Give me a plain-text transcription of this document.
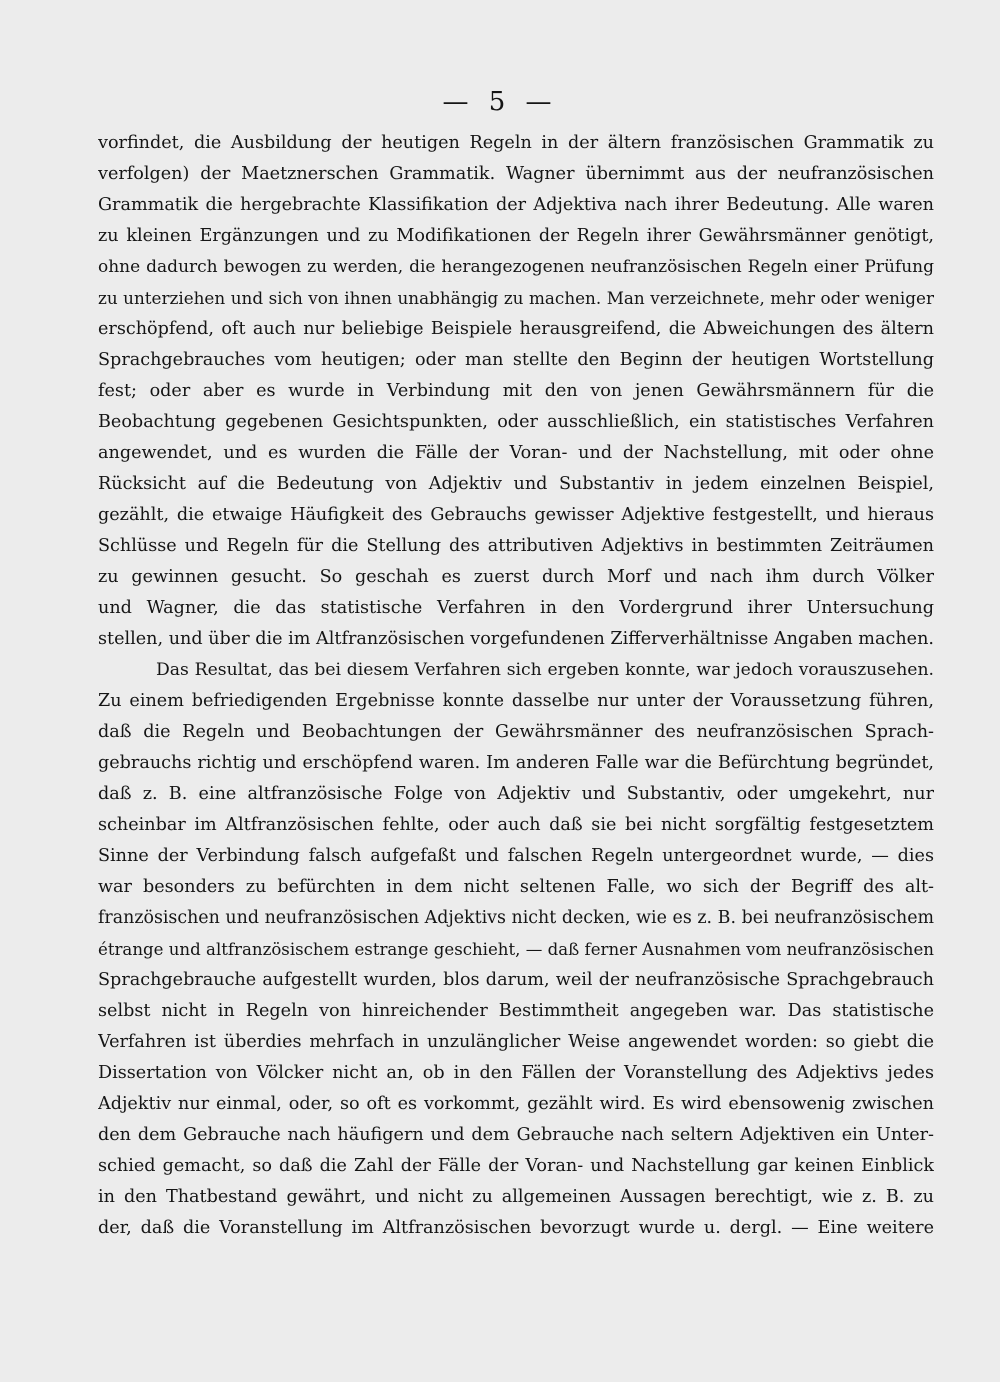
— 5 —
vorfindet, die Ausbildung der heutigen Regeln in der ältern französischen Grammatik zu
verfolgen) der Maetznerschen Grammatik. Wagner übernimmt aus der neufranzösischen
Grammatik die hergebrachte Klassifikation der Adjektiva nach ihrer Bedeutung. Alle waren
zu kleinen Ergänzungen und zu Modifikationen der Regeln ihrer Gewährsmänner genötigt,
ohne dadurch bewogen zu werden, die herangezogenen neufranzösischen Regeln einer Prüfung
zu unterziehen und sich von ihnen unabhängig zu machen. Man verzeichnete, mehr oder weniger
erschöpfend, oft auch nur beliebige Beispiele herausgreifend, die Abweichungen des ältern
Sprachgebrauches vom heutigen; oder man stellte den Beginn der heutigen Wortstellung
fest; oder aber es wurde in Verbindung mit den von jenen Gewährsmännern für die
Beobachtung gegebenen Gesichtspunkten, oder ausschließlich, ein statistisches Verfahren
angewendet, und es wurden die Fälle der Voran- und der Nachstellung, mit oder ohne
Rücksicht auf die Bedeutung von Adjektiv und Substantiv in jedem einzelnen Beispiel,
gezählt, die etwaige Häufigkeit des Gebrauchs gewisser Adjektive festgestellt, und hieraus
Schlüsse und Regeln für die Stellung des attributiven Adjektivs in bestimmten Zeiträumen
zu gewinnen gesucht. So geschah es zuerst durch Morf und nach ihm durch Völker
und Wagner, die das statistische Verfahren in den Vordergrund ihrer Untersuchung
stellen, und über die im Altfranzösischen vorgefundenen Zifferverhältnisse Angaben machen.
Das Resultat, das bei diesem Verfahren sich ergeben konnte, war jedoch vorauszusehen.
Zu einem befriedigenden Ergebnisse konnte dasselbe nur unter der Voraussetzung führen,
daß die Regeln und Beobachtungen der Gewährsmänner des neufranzösischen Sprach-
gebrauchs richtig und erschöpfend waren. Im anderen Falle war die Befürchtung begründet,
daß z. B. eine altfranzösische Folge von Adjektiv und Substantiv, oder umgekehrt, nur
scheinbar im Altfranzösischen fehlte, oder auch daß sie bei nicht sorgfältig festgesetztem
Sinne der Verbindung falsch aufgefaßt und falschen Regeln untergeordnet wurde, — dies
war besonders zu befürchten in dem nicht seltenen Falle, wo sich der Begriff des alt-
französischen und neufranzösischen Adjektivs nicht decken, wie es z. B. bei neufranzösischem
étrange und altfranzösischem estrange geschieht, — daß ferner Ausnahmen vom neufranzösischen
Sprachgebrauche aufgestellt wurden, blos darum, weil der neufranzösische Sprachgebrauch
selbst nicht in Regeln von hinreichender Bestimmtheit angegeben war. Das statistische
Verfahren ist überdies mehrfach in unzulänglicher Weise angewendet worden: so giebt die
Dissertation von Völcker nicht an, ob in den Fällen der Voranstellung des Adjektivs jedes
Adjektiv nur einmal, oder, so oft es vorkommt, gezählt wird. Es wird ebensowenig zwischen
den dem Gebrauche nach häufigern und dem Gebrauche nach seltern Adjektiven ein Unter-
schied gemacht, so daß die Zahl der Fälle der Voran- und Nachstellung gar keinen Einblick
in den Thatbestand gewährt, und nicht zu allgemeinen Aussagen berechtigt, wie z. B. zu
der, daß die Voranstellung im Altfranzösischen bevorzugt wurde u. dergl. — Eine weitere
